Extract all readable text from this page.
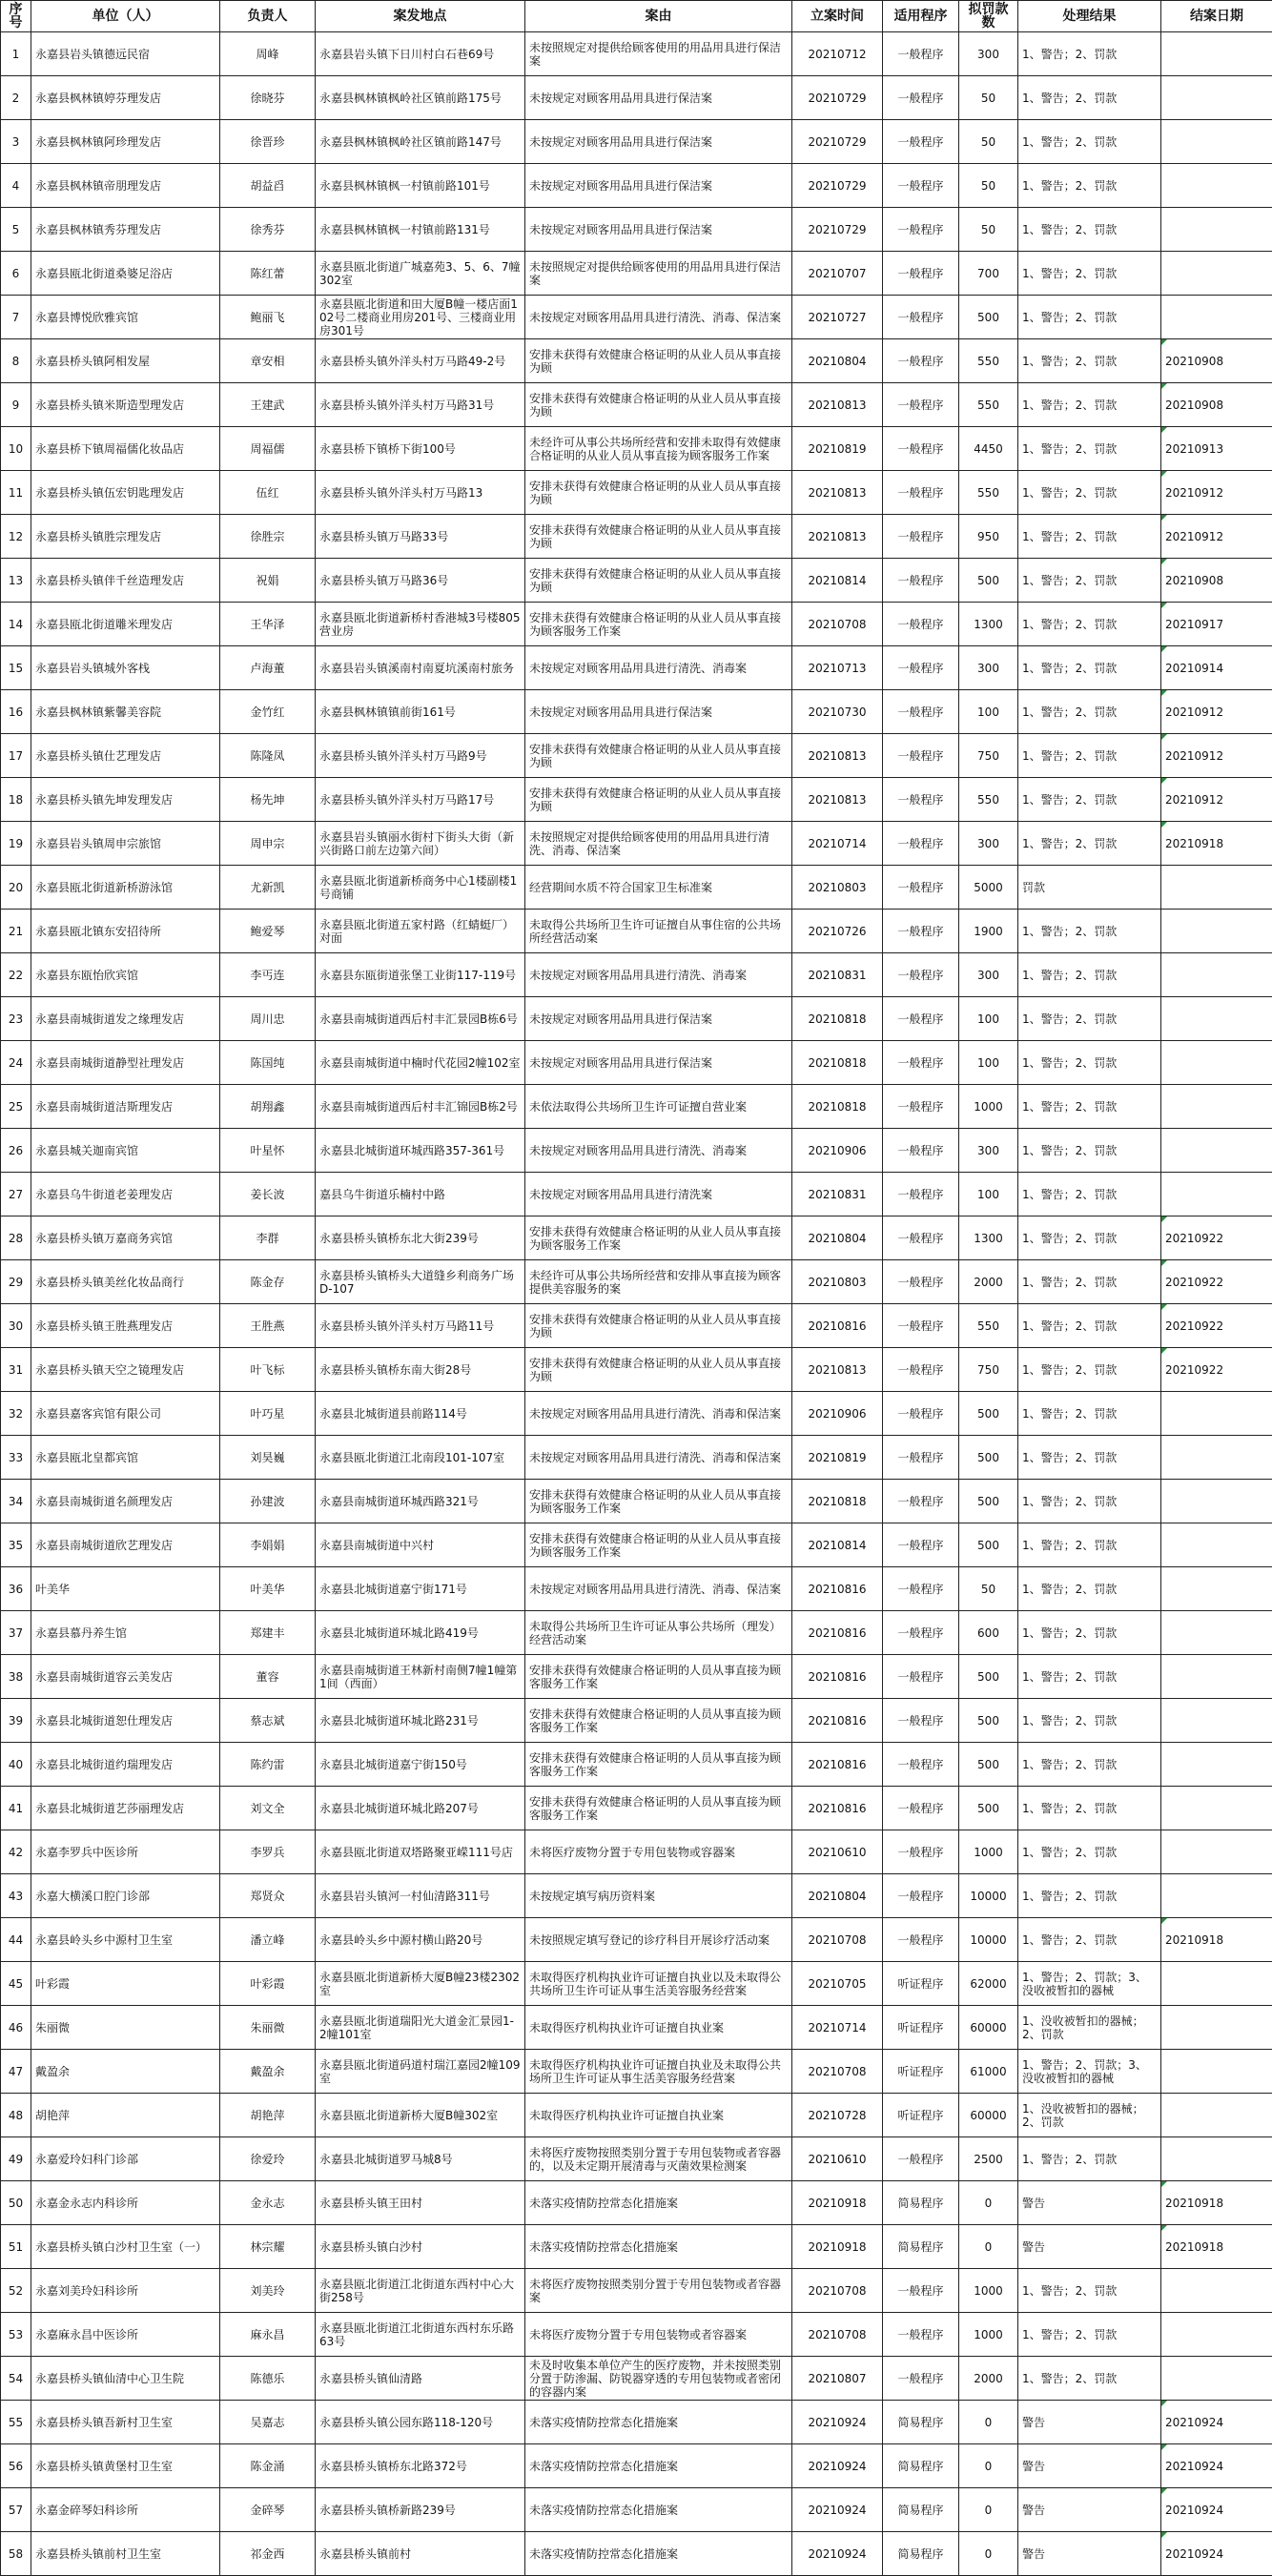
序号	单位（人）	负责人	案发地点	案由	立案时间	适用程序	拟罚款数	处理结果	结案日期
1	永嘉县岩头镇德远民宿	周峰	永嘉县岩头镇下日川村白石巷69号	未按照规定对提供给顾客使用的用品用具进行保洁案	20210712	一般程序	300	1、警告；2、罚款	
2	永嘉县枫林镇婷芬理发店	徐晓芬	永嘉县枫林镇枫岭社区镇前路175号	未按规定对顾客用品用具进行保洁案	20210729	一般程序	50	1、警告；2、罚款	
3	永嘉县枫林镇阿珍理发店	徐晋珍	永嘉县枫林镇枫岭社区镇前路147号	未按规定对顾客用品用具进行保洁案	20210729	一般程序	50	1、警告；2、罚款	
4	永嘉县枫林镇帝朋理发店	胡益舀	永嘉县枫林镇枫一村镇前路101号	未按规定对顾客用品用具进行保洁案	20210729	一般程序	50	1、警告；2、罚款	
5	永嘉县枫林镇秀芬理发店	徐秀芬	永嘉县枫林镇枫一村镇前路131号	未按规定对顾客用品用具进行保洁案	20210729	一般程序	50	1、警告；2、罚款	
6	永嘉县瓯北街道桑婆足浴店	陈红蕾	永嘉县瓯北街道广城嘉苑3、5、6、7幢302室	未按照规定对提供给顾客使用的用品用具进行保洁案	20210707	一般程序	700	1、警告；2、罚款	
7	永嘉县博悦欣雅宾馆	鲍丽飞	永嘉县瓯北街道和田大厦B幢一楼店面102号二楼商业用房201号、三楼商业用房301号	未按规定对顾客用品用具进行清洗、消毒、保洁案	20210727	一般程序	500	1、警告；2、罚款	
8	永嘉县桥头镇阿相发屋	章安相	永嘉县桥头镇外洋头村万马路49-2号	安排未获得有效健康合格证明的从业人员从事直接为顾	20210804	一般程序	550	1、警告；2、罚款	20210908
9	永嘉县桥头镇米斯造型理发店	王建武	永嘉县桥头镇外洋头村万马路31号	安排未获得有效健康合格证明的从业人员从事直接为顾	20210813	一般程序	550	1、警告；2、罚款	20210908
10	永嘉县桥下镇周福儒化妆品店	周福儒	永嘉县桥下镇桥下街100号	未经许可从事公共场所经营和安排未取得有效健康合格证明的从业人员从事直接为顾客服务工作案	20210819	一般程序	4450	1、警告；2、罚款	20210913
11	永嘉县桥头镇伍宏钥匙理发店	伍红	永嘉县桥头镇外洋头村万马路13	安排未获得有效健康合格证明的从业人员从事直接为顾	20210813	一般程序	550	1、警告；2、罚款	20210912
12	永嘉县桥头镇胜宗理发店	徐胜宗	永嘉县桥头镇万马路33号	安排未获得有效健康合格证明的从业人员从事直接为顾	20210813	一般程序	950	1、警告；2、罚款	20210912
13	永嘉县桥头镇伴千丝造理发店	祝娟	永嘉县桥头镇万马路36号	安排未获得有效健康合格证明的从业人员从事直接为顾	20210814	一般程序	500	1、警告；2、罚款	20210908
14	永嘉县瓯北街道雕米理发店	王华泽	永嘉县瓯北街道新桥村香港城3号楼805营业房	安排未获得有效健康合格证明的从业人员从事直接为顾客服务工作案	20210708	一般程序	1300	1、警告；2、罚款	20210917
15	永嘉县岩头镇城外客栈	卢海董	永嘉县岩头镇溪南村南夏坑溪南村旅务	未按规定对顾客用品用具进行清洗、消毒案	20210713	一般程序	300	1、警告；2、罚款	20210914
16	永嘉县枫林镇紫馨美容院	金竹红	永嘉县枫林镇镇前街161号	未按规定对顾客用品用具进行保洁案	20210730	一般程序	100	1、警告；2、罚款	20210912
17	永嘉县桥头镇仕艺理发店	陈隆凤	永嘉县桥头镇外洋头村万马路9号	安排未获得有效健康合格证明的从业人员从事直接为顾	20210813	一般程序	750	1、警告；2、罚款	20210912
18	永嘉县桥头镇先坤发理发店	杨先坤	永嘉县桥头镇外洋头村万马路17号	安排未获得有效健康合格证明的从业人员从事直接为顾	20210813	一般程序	550	1、警告；2、罚款	20210912
19	永嘉县岩头镇周申宗旅馆	周申宗	永嘉县岩头镇丽水街村下街头大街（新兴街路口前左边第六间）	未按照规定对提供给顾客使用的用品用具进行清洗、消毒、保洁案	20210714	一般程序	300	1、警告；2、罚款	20210918
20	永嘉县瓯北街道新桥游泳馆	尤新凯	永嘉县瓯北街道新桥商务中心1楼副楼1号商铺	经营期间水质不符合国家卫生标准案	20210803	一般程序	5000	罚款	
21	永嘉县瓯北镇东安招待所	鲍爱琴	永嘉县瓯北街道五家村路（红蜻蜓厂）对面	未取得公共场所卫生许可证擅自从事住宿的公共场所经营活动案	20210726	一般程序	1900	1、警告；2、罚款	
22	永嘉县东瓯怡欣宾馆	李丐连	永嘉县东瓯街道张堡工业街117-119号	未按规定对顾客用品用具进行清洗、消毒案	20210831	一般程序	300	1、警告；2、罚款	
23	永嘉县南城街道发之缘理发店	周川忠	永嘉县南城街道西后村丰汇景园B栋6号	未按规定对顾客用品用具进行保洁案	20210818	一般程序	100	1、警告；2、罚款	
24	永嘉县南城街道静型社理发店	陈国纯	永嘉县南城街道中楠时代花园2幢102室	未按规定对顾客用品用具进行保洁案	20210818	一般程序	100	1、警告；2、罚款	
25	永嘉县南城街道洁斯理发店	胡翔鑫	永嘉县南城街道西后村丰汇锦园B栋2号	未依法取得公共场所卫生许可证擅自营业案	20210818	一般程序	1000	1、警告；2、罚款	
26	永嘉县城关迦南宾馆	叶星怀	永嘉县北城街道环城西路357-361号	未按规定对顾客用品用具进行清洗、消毒案	20210906	一般程序	300	1、警告；2、罚款	
27	永嘉县乌牛街道老姜理发店	姜长波	嘉县乌牛街道乐楠村中路	未按规定对顾客用品用具进行清洗案	20210831	一般程序	100	1、警告；2、罚款	
28	永嘉县桥头镇万嘉商务宾馆	李群	永嘉县桥头镇桥东北大街239号	安排未获得有效健康合格证明的从业人员从事直接为顾客服务工作案	20210804	一般程序	1300	1、警告；2、罚款	20210922
29	永嘉县桥头镇美丝化妆品商行	陈金存	永嘉县桥头镇桥头大道缝乡利商务广场D-107	未经许可从事公共场所经营和安排从事直接为顾客提供美容服务的案	20210803	一般程序	2000	1、警告；2、罚款	20210922
30	永嘉县桥头镇王胜燕理发店	王胜燕	永嘉县桥头镇外洋头村万马路11号	安排未获得有效健康合格证明的从业人员从事直接为顾	20210816	一般程序	550	1、警告；2、罚款	20210922
31	永嘉县桥头镇天空之镜理发店	叶飞标	永嘉县桥头镇桥东南大街28号	安排未获得有效健康合格证明的从业人员从事直接为顾	20210813	一般程序	750	1、警告；2、罚款	20210922
32	永嘉县嘉客宾馆有限公司	叶巧星	永嘉县北城街道县前路114号	未按规定对顾客用品用具进行清洗、消毒和保洁案	20210906	一般程序	500	1、警告；2、罚款	
33	永嘉县瓯北皇都宾馆	刘昊巍	永嘉县瓯北街道江北南段101-107室	未按规定对顾客用品用具进行清洗、消毒和保洁案	20210819	一般程序	500	1、警告；2、罚款	
34	永嘉县南城街道名颜理发店	孙建波	永嘉县南城街道环城西路321号	安排未获得有效健康合格证明的从业人员从事直接为顾客服务工作案	20210818	一般程序	500	1、警告；2、罚款	
35	永嘉县南城街道欣艺理发店	李娟娟	永嘉县南城街道中兴村	安排未获得有效健康合格证明的从业人员从事直接为顾客服务工作案	20210814	一般程序	500	1、警告；2、罚款	
36	叶美华	叶美华	永嘉县北城街道嘉宁街171号	未按规定对顾客用品用具进行清洗、消毒、保洁案	20210816	一般程序	50	1、警告；2、罚款	
37	永嘉县慕丹养生馆	郑建丰	永嘉县北城街道环城北路419号	未取得公共场所卫生许可证从事公共场所（理发）经营活动案	20210816	一般程序	600	1、警告；2、罚款	
38	永嘉县南城街道容云美发店	董容	永嘉县南城街道王林新村南侧7幢1幢第1间（西面）	安排未获得有效健康合格证明的人员从事直接为顾客服务工作案	20210816	一般程序	500	1、警告；2、罚款	
39	永嘉县北城街道恕仕理发店	蔡志斌	永嘉县北城街道环城北路231号	安排未获得有效健康合格证明的人员从事直接为顾客服务工作案	20210816	一般程序	500	1、警告；2、罚款	
40	永嘉县北城街道约瑞理发店	陈约雷	永嘉县北城街道嘉宁街150号	安排未获得有效健康合格证明的人员从事直接为顾客服务工作案	20210816	一般程序	500	1、警告；2、罚款	
41	永嘉县北城街道艺莎丽理发店	刘文全	永嘉县北城街道环城北路207号	安排未获得有效健康合格证明的人员从事直接为顾客服务工作案	20210816	一般程序	500	1、警告；2、罚款	
42	永嘉李罗兵中医诊所	李罗兵	永嘉县瓯北街道双塔路聚亚嵘111号店	未将医疗废物分置于专用包装物或容器案	20210610	一般程序	1000	1、警告；2、罚款	
43	永嘉大横溪口腔门诊部	郑贤众	永嘉县岩头镇河一村仙清路311号	未按规定填写病历资料案	20210804	一般程序	10000	1、警告；2、罚款	
44	永嘉县岭头乡中源村卫生室	潘立峰	永嘉县岭头乡中源村横山路20号	未按照规定填写登记的诊疗科目开展诊疗活动案	20210708	一般程序	10000	1、警告；2、罚款	20210918
45	叶彩霞	叶彩霞	永嘉县瓯北街道新桥大厦B幢23楼2302室	未取得医疗机构执业许可证擅自执业以及未取得公共场所卫生许可证从事生活美容服务经营案	20210705	听证程序	62000	1、警告；2、罚款；3、没收被暂扣的器械	
46	朱丽微	朱丽微	永嘉县瓯北街道瑞阳光大道金汇景园1-2幢101室	未取得医疗机构执业许可证擅自执业案	20210714	听证程序	60000	1、没收被暂扣的器械；2、罚款	
47	戴盈余	戴盈余	永嘉县瓯北街道码道村瑞江嘉园2幢109室	未取得医疗机构执业许可证擅自执业及未取得公共场所卫生许可证从事生活美容服务经营案	20210708	听证程序	61000	1、警告；2、罚款；3、没收被暂扣的器械	
48	胡艳萍	胡艳萍	永嘉县瓯北街道新桥大厦B幢302室	未取得医疗机构执业许可证擅自执业案	20210728	听证程序	60000	1、没收被暂扣的器械；2、罚款	
49	永嘉爱玲妇科门诊部	徐爱玲	永嘉县北城街道罗马城8号	未将医疗废物按照类别分置于专用包装物或者容器的，以及未定期开展清毒与灭菌效果检测案	20210610	一般程序	2500	1、警告；2、罚款	
50	永嘉金永志内科诊所	金永志	永嘉县桥头镇王田村	未落实疫情防控常态化措施案	20210918	简易程序	0	警告	20210918
51	永嘉县桥头镇白沙村卫生室（一）	林宗耀	永嘉县桥头镇白沙村	未落实疫情防控常态化措施案	20210918	简易程序	0	警告	20210918
52	永嘉刘美玲妇科诊所	刘美玲	永嘉县瓯北街道江北街道东西村中心大街258号	未将医疗废物按照类别分置于专用包装物或者容器案	20210708	一般程序	1000	1、警告；2、罚款	
53	永嘉麻永昌中医诊所	麻永昌	永嘉县瓯北街道江北街道东西村东乐路63号	未将医疗废物分置于专用包装物或者容器案	20210708	一般程序	1000	1、警告；2、罚款	
54	永嘉县桥头镇仙清中心卫生院	陈德乐	永嘉县桥头镇仙清路	未及时收集本单位产生的医疗废物，并未按照类别分置于防渗漏、防锐器穿透的专用包装物或者密闭的容器内案	20210807	一般程序	2000	1、警告；2、罚款	
55	永嘉县桥头镇吾新村卫生室	吴嘉志	永嘉县桥头镇公园东路118-120号	未落实疫情防控常态化措施案	20210924	简易程序	0	警告	20210924
56	永嘉县桥头镇黄堡村卫生室	陈金涌	永嘉县桥头镇桥东北路372号	未落实疫情防控常态化措施案	20210924	简易程序	0	警告	20210924
57	永嘉金碎琴妇科诊所	金碎琴	永嘉县桥头镇桥新路239号	未落实疫情防控常态化措施案	20210924	简易程序	0	警告	20210924
58	永嘉县桥头镇前村卫生室	祁金西	永嘉县桥头镇前村	未落实疫情防控常态化措施案	20210924	简易程序	0	警告	20210924
